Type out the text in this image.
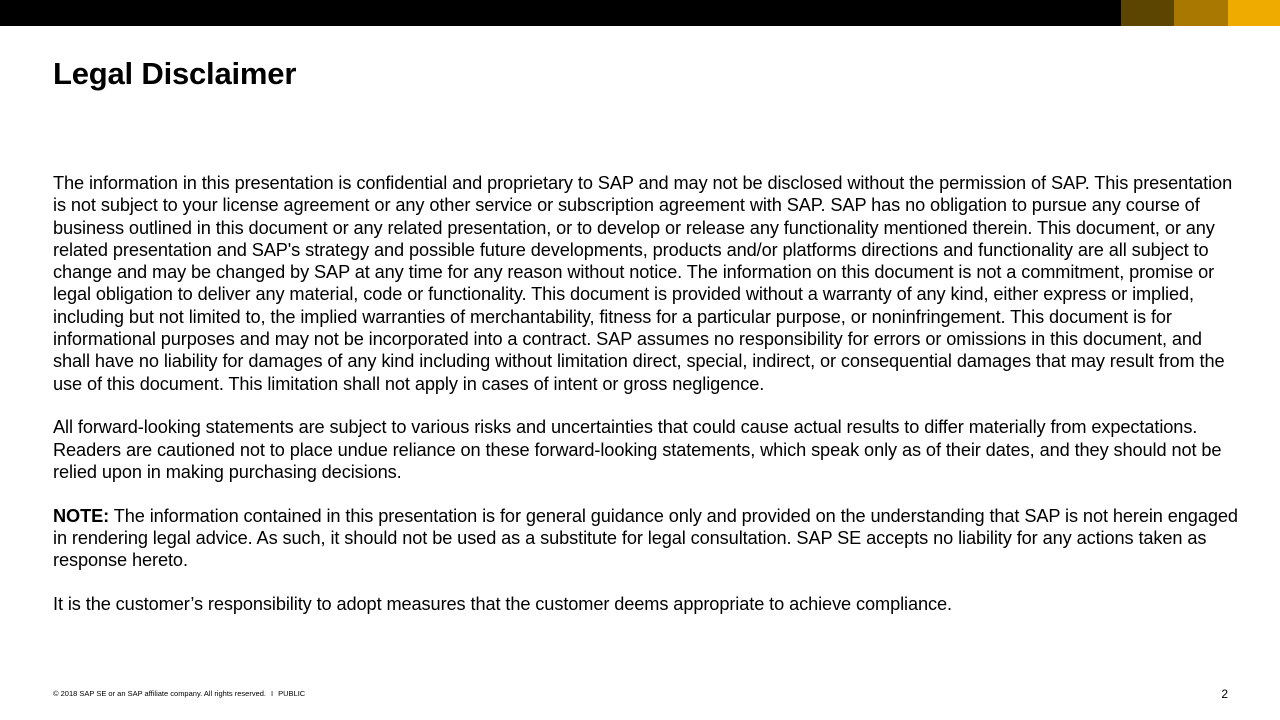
Legal Disclaimer

The information in this presentation is confidential and proprietary to SAP and may not be disclosed without the permission of SAP. This presentation is not subject to your license agreement or any other service or subscription agreement with SAP. SAP has no obligation to pursue any course of business outlined in this document or any related presentation, or to develop or release any functionality mentioned therein. This document, or any related presentation and SAP's strategy and possible future developments, products and/or platforms directions and functionality are all subject to change and may be changed by SAP at any time for any reason without notice. The information on this document is not a commitment, promise or legal obligation to deliver any material, code or functionality. This document is provided without a warranty of any kind, either express or implied, including but not limited to, the implied warranties of merchantability, fitness for a particular purpose, or noninfringement. This document is for informational purposes and may not be incorporated into a contract. SAP assumes no responsibility for errors or omissions in this document, and shall have no liability for damages of any kind including without limitation direct, special, indirect, or consequential damages that may result from the use of this document. This limitation shall not apply in cases of intent or gross negligence.

All forward-looking statements are subject to various risks and uncertainties that could cause actual results to differ materially from expectations. Readers are cautioned not to place undue reliance on these forward-looking statements, which speak only as of their dates, and they should not be relied upon in making purchasing decisions.

NOTE: The information contained in this presentation is for general guidance only and provided on the understanding that SAP is not herein engaged in rendering legal advice. As such, it should not be used as a substitute for legal consultation. SAP SE accepts no liability for any actions taken as response hereto.

It is the customer’s responsibility to adopt measures that the customer deems appropriate to achieve compliance.

© 2018 SAP SE or an SAP affiliate company. All rights reserved. I PUBLIC	2
